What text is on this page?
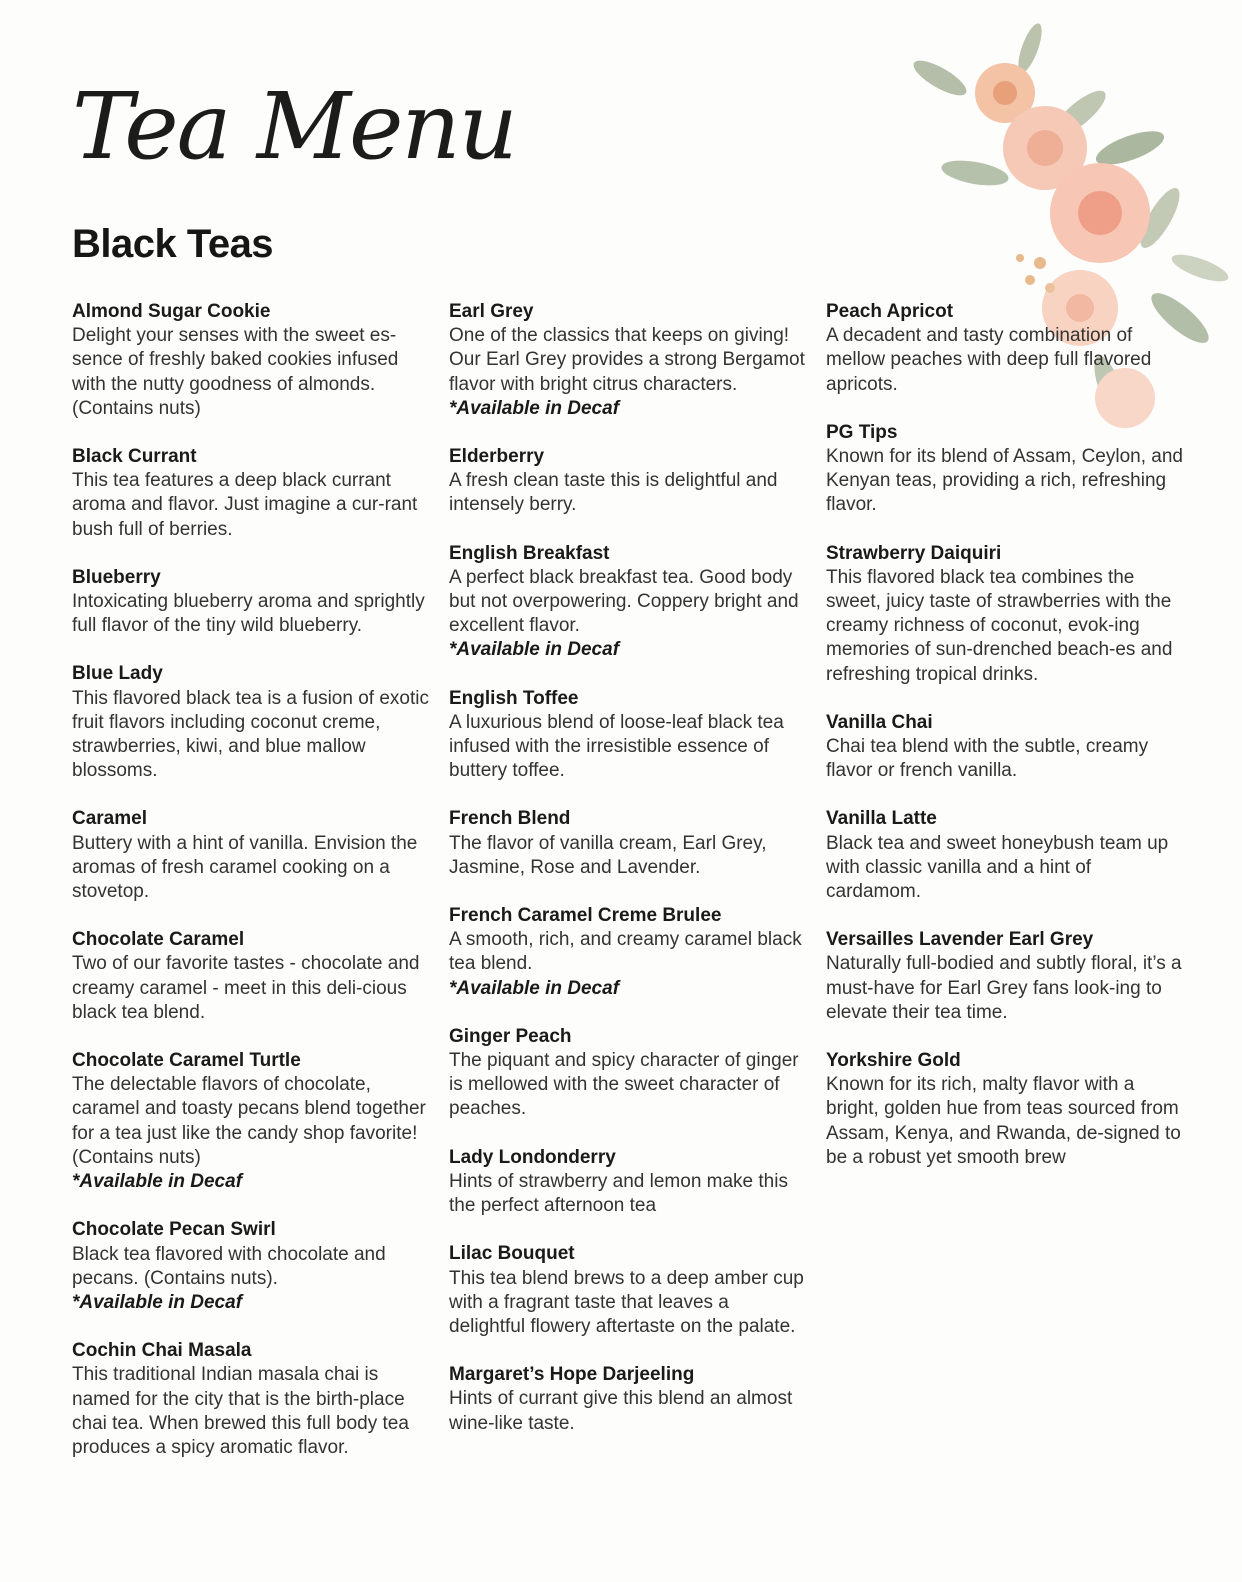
Tea Menu
Black Teas
Almond Sugar Cookie
Delight your senses with the sweet es-sence of freshly baked cookies infused with the nutty goodness of almonds. (Contains nuts)
Black Currant
This tea features a deep black currant aroma and flavor. Just imagine a cur-rant bush full of berries.
Blueberry
Intoxicating blueberry aroma and sprightly full flavor of the tiny wild blueberry.
Blue Lady
This flavored black tea is a fusion of exotic fruit flavors including coconut creme, strawberries, kiwi, and blue mallow blossoms.
Caramel
Buttery with a hint of vanilla. Envision the aromas of fresh caramel cooking on a stovetop.
Chocolate Caramel
Two of our favorite tastes - chocolate and creamy caramel - meet in this deli-cious black tea blend.
Chocolate Caramel Turtle
The delectable flavors of chocolate, caramel and toasty pecans blend together for a tea just like the candy shop favorite! (Contains nuts)
*Available in Decaf
Chocolate Pecan Swirl
Black tea flavored with chocolate and pecans. (Contains nuts).
*Available in Decaf
Cochin Chai Masala
This traditional Indian masala chai is named for the city that is the birth-place chai tea. When brewed this full body tea produces a spicy aromatic flavor.
Earl Grey
One of the classics that keeps on giving! Our Earl Grey provides a strong Bergamot flavor with bright citrus characters.
*Available in Decaf
Elderberry
A fresh clean taste this is delightful and intensely berry.
English Breakfast
A perfect black breakfast tea. Good body but not overpowering. Coppery bright and excellent flavor.
*Available in Decaf
English Toffee
A luxurious blend of loose-leaf black tea infused with the irresistible essence of buttery toffee.
French Blend
The flavor of vanilla cream, Earl Grey, Jasmine, Rose and Lavender.
French Caramel Creme Brulee
A smooth, rich, and creamy caramel black tea blend.
*Available in Decaf
Ginger Peach
The piquant and spicy character of ginger is mellowed with the sweet character of peaches.
Lady Londonderry
Hints of strawberry and lemon make this the perfect afternoon tea
Lilac Bouquet
This tea blend brews to a deep amber cup with a fragrant taste that leaves a delightful flowery aftertaste on the palate.
Margaret’s Hope Darjeeling
Hints of currant give this blend an almost wine-like taste.
Peach Apricot
A decadent and tasty combination of mellow peaches with deep full flavored apricots.
PG Tips
Known for its blend of Assam, Ceylon, and Kenyan teas, providing a rich, refreshing flavor.
Strawberry Daiquiri
This flavored black tea combines the sweet, juicy taste of strawberries with the creamy richness of coconut, evok-ing memories of sun-drenched beach-es and refreshing tropical drinks.
Vanilla Chai
Chai tea blend with the subtle, creamy flavor or french vanilla.
Vanilla Latte
Black tea and sweet honeybush team up with classic vanilla and a hint of cardamom.
Versailles Lavender Earl Grey
Naturally full-bodied and subtly floral, it’s a must-have for Earl Grey fans look-ing to elevate their tea time.
Yorkshire Gold
Known for its rich, malty flavor with a bright, golden hue from teas sourced from Assam, Kenya, and Rwanda, de-signed to be a robust yet smooth brew
